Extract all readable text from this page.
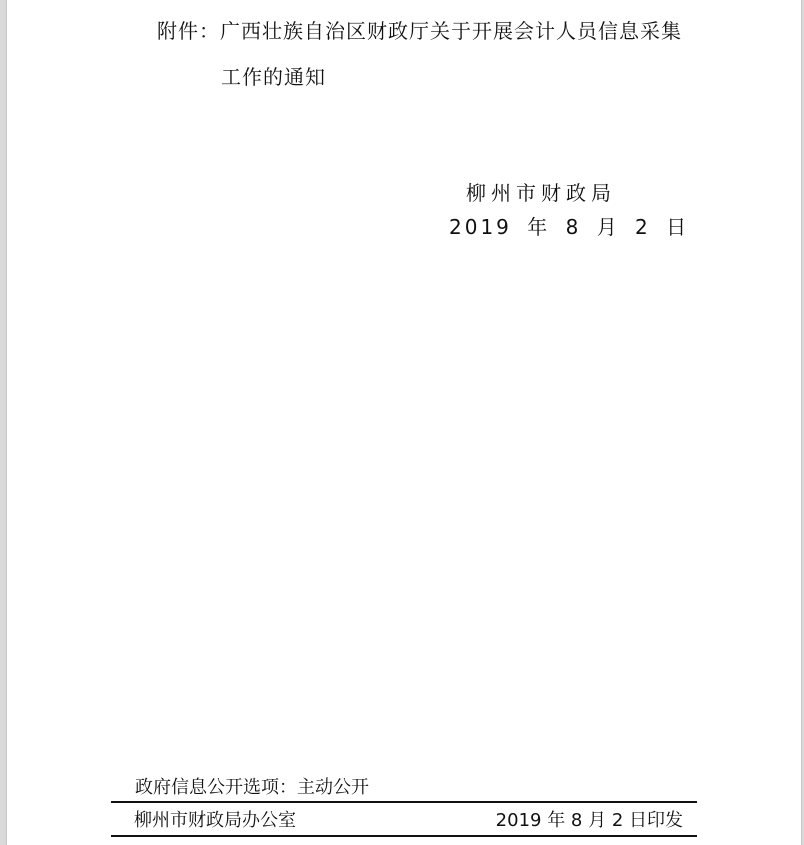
附件：广西壮族自治区财政厅关于开展会计人员信息采集
工作的通知
柳州市财政局
2019 年 8 月 2 日
政府信息公开选项：主动公开
柳州市财政局办公室	2019 年 8 月 2 日印发
